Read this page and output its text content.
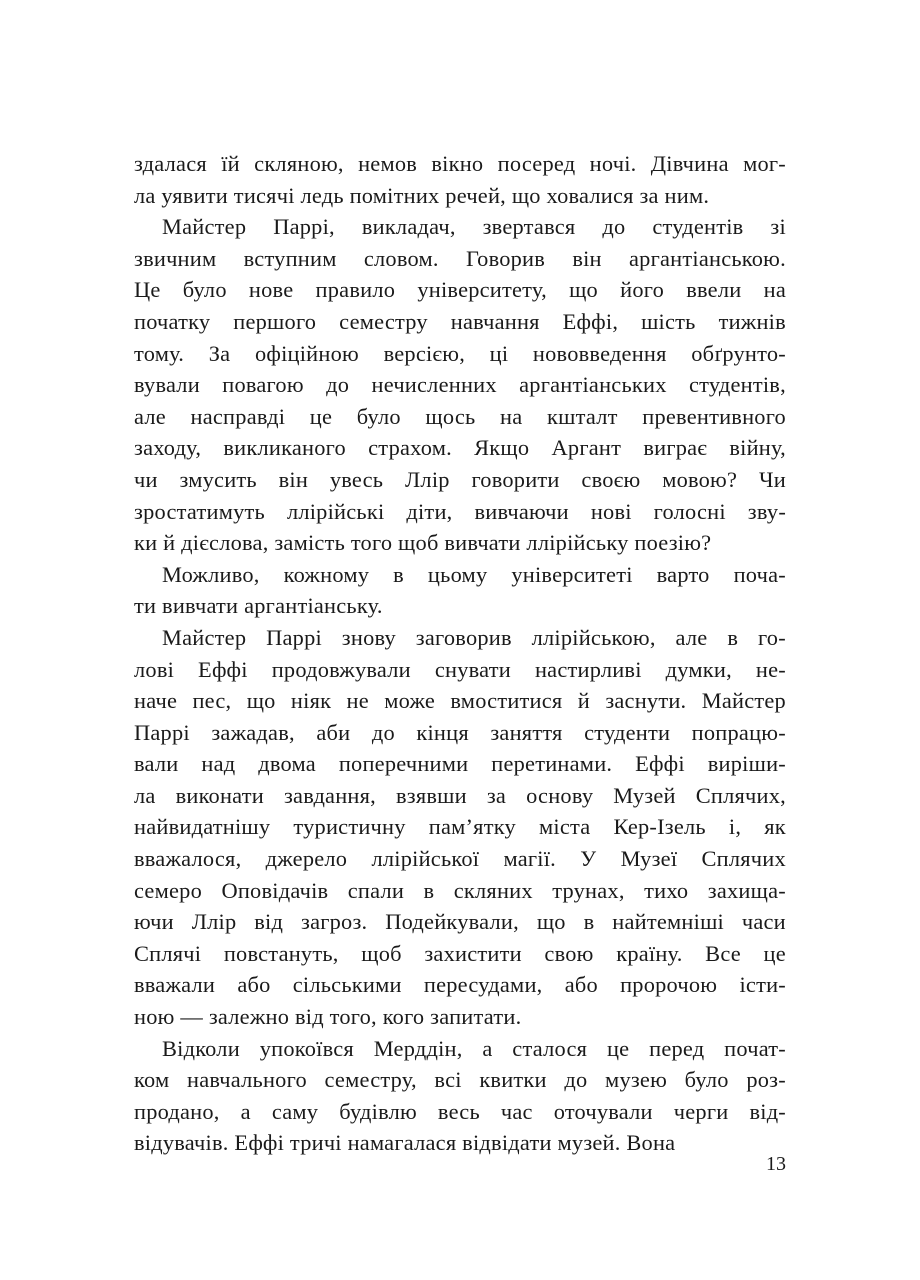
здалася їй скляною, немов вікно посеред ночі. Дівчина мог-
ла уявити тисячі ледь помітних речей, що ховалися за ним.

Майстер Паррі, викладач, звертався до студентів зі
звичним вступним словом. Говорив він аргантіанською.
Це було нове правило університету, що його ввели на
початку першого семестру навчання Еффі, шість тижнів
тому. За офіційною версією, ці нововведення обґрунто-
вували повагою до нечисленних аргантіанських студентів,
але насправді це було щось на кшталт превентивного
заходу, викликаного страхом. Якщо Аргант виграє війну,
чи змусить він увесь Ллір говорити своєю мовою? Чи
зростатимуть ллірійські діти, вивчаючи нові голосні зву-
ки й дієслова, замість того щоб вивчати ллірійську поезію?

Можливо, кожному в цьому університеті варто поча-
ти вивчати аргантіанську.

Майстер Паррі знову заговорив ллірійською, але в го-
лові Еффі продовжували снувати настирливі думки, не-
наче пес, що ніяк не може вмоститися й заснути. Майстер
Паррі зажадав, аби до кінця заняття студенти попрацю-
вали над двома поперечними перетинами. Еффі виріши-
ла виконати завдання, взявши за основу Музей Сплячих,
найвидатнішу туристичну пам’ятку міста Кер-Ізель і, як
вважалося, джерело ллірійської магії. У Музеї Сплячих
семеро Оповідачів спали в скляних трунах, тихо захища-
ючи Ллір від загроз. Подейкували, що в найтемніші часи
Сплячі повстануть, щоб захистити свою країну. Все це
вважали або сільськими пересудами, або пророчою істи-
ною — залежно від того, кого запитати.

Відколи упокоївся Мерддін, а сталося це перед почат-
ком навчального семестру, всі квитки до музею було роз-
продано, а саму будівлю весь час оточували черги від-
відувачів. Еффі тричі намагалася відвідати музей. Вона

13
